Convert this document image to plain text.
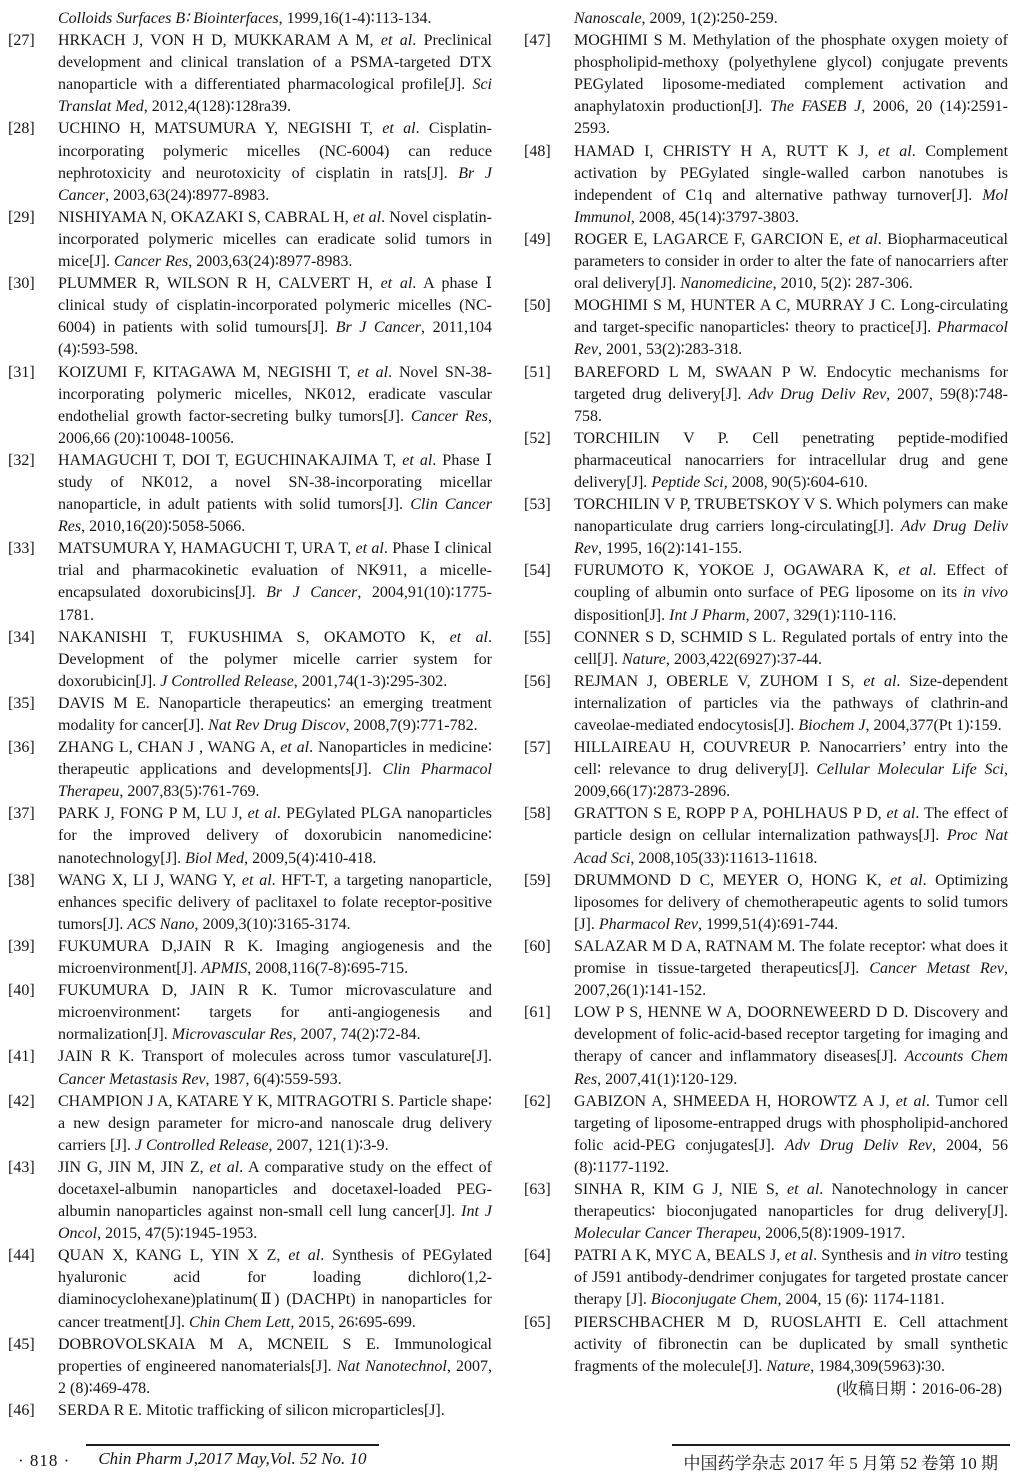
Colloids Surfaces B∶ Biointerfaces, 1999,16(1-4)∶113-134.
[27]	HRKACH J, VON H D, MUKKARAM A M, et al. Preclinical development and clinical translation of a PSMA-targeted DTX nanoparticle with a differentiated pharmacological profile[J]. Sci Translat Med, 2012,4(128)∶128ra39.
[28]	UCHINO H, MATSUMURA Y, NEGISHI T, et al. Cisplatin-incorporating polymeric micelles (NC-6004) can reduce nephrotoxicity and neurotoxicity of cisplatin in rats[J]. Br J Cancer, 2003,63(24)∶8977-8983.
[29]	NISHIYAMA N, OKAZAKI S, CABRAL H, et al. Novel cisplatin-incorporated polymeric micelles can eradicate solid tumors in mice[J]. Cancer Res, 2003,63(24)∶8977-8983.
[30]	PLUMMER R, WILSON R H, CALVERT H, et al. A phase Ⅰ clinical study of cisplatin-incorporated polymeric micelles (NC-6004) in patients with solid tumours[J]. Br J Cancer, 2011,104 (4)∶593-598.
[31]	KOIZUMI F, KITAGAWA M, NEGISHI T, et al. Novel SN-38-incorporating polymeric micelles, NK012, eradicate vascular endothelial growth factor-secreting bulky tumors[J]. Cancer Res, 2006,66 (20)∶10048-10056.
[32]	HAMAGUCHI T, DOI T, EGUCHINAKAJIMA T, et al. Phase Ⅰ study of NK012, a novel SN-38-incorporating micellar nanoparticle, in adult patients with solid tumors[J]. Clin Cancer Res, 2010,16(20)∶5058-5066.
[33]	MATSUMURA Y, HAMAGUCHI T, URA T, et al. Phase Ⅰ clinical trial and pharmacokinetic evaluation of NK911, a micelle-encapsulated doxorubicins[J]. Br J Cancer, 2004,91(10)∶1775-1781.
[34]	NAKANISHI T, FUKUSHIMA S, OKAMOTO K, et al. Development of the polymer micelle carrier system for doxorubicin[J]. J Controlled Release, 2001,74(1-3)∶295-302.
[35]	DAVIS M E. Nanoparticle therapeutics∶ an emerging treatment modality for cancer[J]. Nat Rev Drug Discov, 2008,7(9)∶771-782.
[36]	ZHANG L, CHAN J , WANG A, et al. Nanoparticles in medicine∶ therapeutic applications and developments[J]. Clin Pharmacol Therapeu, 2007,83(5)∶761-769.
[37]	PARK J, FONG P M, LU J, et al. PEGylated PLGA nanoparticles for the improved delivery of doxorubicin nanomedicine∶ nanotechnology[J]. Biol Med, 2009,5(4)∶410-418.
[38]	WANG X, LI J, WANG Y, et al. HFT-T, a targeting nanoparticle, enhances specific delivery of paclitaxel to folate receptor-positive tumors[J]. ACS Nano, 2009,3(10)∶3165-3174.
[39]	FUKUMURA D,JAIN R K. Imaging angiogenesis and the microenvironment[J]. APMIS, 2008,116(7-8)∶695-715.
[40]	FUKUMURA D, JAIN R K. Tumor microvasculature and microenvironment∶ targets for anti-angiogenesis and normalization[J]. Microvascular Res, 2007, 74(2)∶72-84.
[41]	JAIN R K. Transport of molecules across tumor vasculature[J]. Cancer Metastasis Rev, 1987, 6(4)∶559-593.
[42]	CHAMPION J A, KATARE Y K, MITRAGOTRI S. Particle shape∶ a new design parameter for micro-and nanoscale drug delivery carriers [J]. J Controlled Release, 2007, 121(1)∶3-9.
[43]	JIN G, JIN M, JIN Z, et al. A comparative study on the effect of docetaxel-albumin nanoparticles and docetaxel-loaded PEG-albumin nanoparticles against non-small cell lung cancer[J]. Int J Oncol, 2015, 47(5)∶1945-1953.
[44]	QUAN X, KANG L, YIN X Z, et al. Synthesis of PEGylated hyaluronic acid for loading dichloro(1,2-diaminocyclohexane)platinum(Ⅱ) (DACHPt) in nanoparticles for cancer treatment[J]. Chin Chem Lett, 2015, 26∶695-699.
[45]	DOBROVOLSKAIA M A, MCNEIL S E. Immunological properties of engineered nanomaterials[J]. Nat Nanotechnol, 2007, 2 (8)∶469-478.
[46]	SERDA R E. Mitotic trafficking of silicon microparticles[J].
Nanoscale, 2009, 1(2)∶250-259.
[47]	MOGHIMI S M. Methylation of the phosphate oxygen moiety of phospholipid-methoxy (polyethylene glycol) conjugate prevents PEGylated liposome-mediated complement activation and anaphylatoxin production[J]. The FASEB J, 2006, 20 (14)∶2591-2593.
[48]	HAMAD I, CHRISTY H A, RUTT K J, et al. Complement activation by PEGylated single-walled carbon nanotubes is independent of C1q and alternative pathway turnover[J]. Mol Immunol, 2008, 45(14)∶3797-3803.
[49]	ROGER E, LAGARCE F, GARCION E, et al. Biopharmaceutical parameters to consider in order to alter the fate of nanocarriers after oral delivery[J]. Nanomedicine, 2010, 5(2)∶ 287-306.
[50]	MOGHIMI S M, HUNTER A C, MURRAY J C. Long-circulating and target-specific nanoparticles∶ theory to practice[J]. Pharmacol Rev, 2001, 53(2)∶283-318.
[51]	BAREFORD L M, SWAAN P W. Endocytic mechanisms for targeted drug delivery[J]. Adv Drug Deliv Rev, 2007, 59(8)∶748-758.
[52]	TORCHILIN V P. Cell penetrating peptide-modified pharmaceutical nanocarriers for intracellular drug and gene delivery[J]. Peptide Sci, 2008, 90(5)∶604-610.
[53]	TORCHILIN V P, TRUBETSKOY V S. Which polymers can make nanoparticulate drug carriers long-circulating[J]. Adv Drug Deliv Rev, 1995, 16(2)∶141-155.
[54]	FURUMOTO K, YOKOE J, OGAWARA K, et al. Effect of coupling of albumin onto surface of PEG liposome on its in vivo disposition[J]. Int J Pharm, 2007, 329(1)∶110-116.
[55]	CONNER S D, SCHMID S L. Regulated portals of entry into the cell[J]. Nature, 2003,422(6927)∶37-44.
[56]	REJMAN J, OBERLE V, ZUHOM I S, et al. Size-dependent internalization of particles via the pathways of clathrin-and caveolae-mediated endocytosis[J]. Biochem J, 2004,377(Pt 1)∶159.
[57]	HILLAIREAU H, COUVREUR P. Nanocarriers’ entry into the cell∶ relevance to drug delivery[J]. Cellular Molecular Life Sci, 2009,66(17)∶2873-2896.
[58]	GRATTON S E, ROPP P A, POHLHAUS P D, et al. The effect of particle design on cellular internalization pathways[J]. Proc Nat Acad Sci, 2008,105(33)∶11613-11618.
[59]	DRUMMOND D C, MEYER O, HONG K, et al. Optimizing liposomes for delivery of chemotherapeutic agents to solid tumors [J]. Pharmacol Rev, 1999,51(4)∶691-744.
[60]	SALAZAR M D A, RATNAM M. The folate receptor∶ what does it promise in tissue-targeted therapeutics[J]. Cancer Metast Rev, 2007,26(1)∶141-152.
[61]	LOW P S, HENNE W A, DOORNEWEERD D D. Discovery and development of folic-acid-based receptor targeting for imaging and therapy of cancer and inflammatory diseases[J]. Accounts Chem Res, 2007,41(1)∶120-129.
[62]	GABIZON A, SHMEEDA H, HOROWTZ A J, et al. Tumor cell targeting of liposome-entrapped drugs with phospholipid-anchored folic acid-PEG conjugates[J]. Adv Drug Deliv Rev, 2004, 56 (8)∶1177-1192.
[63]	SINHA R, KIM G J, NIE S, et al. Nanotechnology in cancer therapeutics∶ bioconjugated nanoparticles for drug delivery[J]. Molecular Cancer Therapeu, 2006,5(8)∶1909-1917.
[64]	PATRI A K, MYC A, BEALS J, et al. Synthesis and in vitro testing of J591 antibody-dendrimer conjugates for targeted prostate cancer therapy [J]. Bioconjugate Chem, 2004, 15 (6)∶ 1174-1181.
[65]	PIERSCHBACHER M D, RUOSLAHTI E. Cell attachment activity of fibronectin can be duplicated by small synthetic fragments of the molecule[J]. Nature, 1984,309(5963)∶30.
(收稿日期∶2016-06-28)
· 818 ·	Chin Pharm J,2017 May,Vol. 52 No. 10	中国药学杂志 2017 年 5 月第 52 卷第 10 期
